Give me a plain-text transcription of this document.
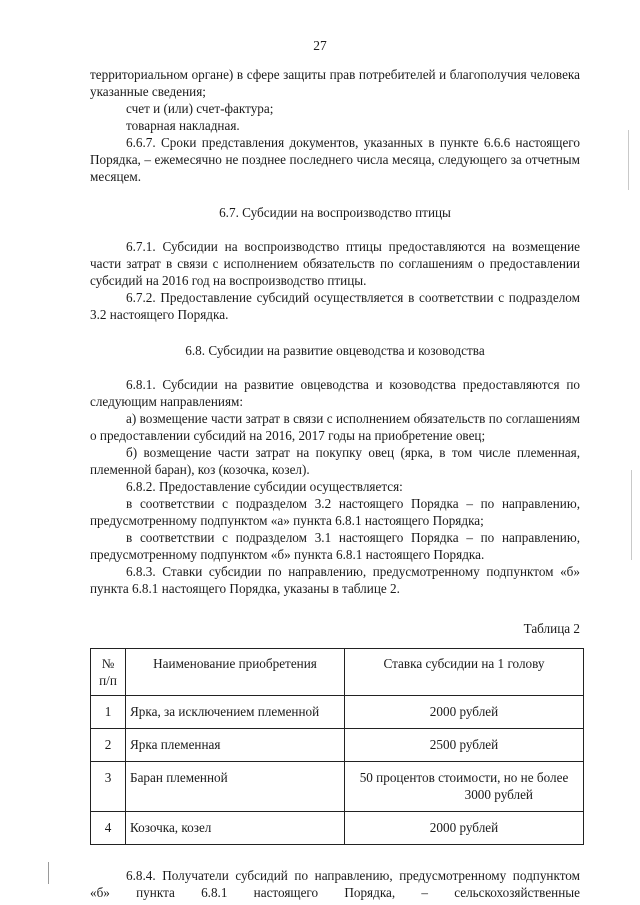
27

территориальном органе) в сфере защиты прав потребителей и благополучия человека указанные сведения;

счет и (или) счет-фактура;

товарная накладная.

6.6.7. Сроки представления документов, указанных в пункте 6.6.6 настоящего Порядка, – ежемесячно не позднее последнего числа месяца, следующего за отчетным месяцем.

6.7. Субсидии на воспроизводство птицы

6.7.1. Субсидии на воспроизводство птицы предоставляются на возмещение части затрат в связи с исполнением обязательств по соглашениям о предоставлении субсидий на 2016 год на воспроизводство птицы.

6.7.2. Предоставление субсидий осуществляется в соответствии с подразделом 3.2 настоящего Порядка.

6.8. Субсидии на развитие овцеводства и козоводства

6.8.1. Субсидии на развитие овцеводства и козоводства предоставляются по следующим направлениям:

а) возмещение части затрат в связи с исполнением обязательств по соглашениям о предоставлении субсидий на 2016, 2017 годы на приобретение овец;

б) возмещение части затрат на покупку овец (ярка, в том числе племенная, племенной баран), коз (козочка, козел).

6.8.2. Предоставление субсидии осуществляется:

в соответствии с подразделом 3.2 настоящего Порядка – по направлению, предусмотренному подпунктом «а» пункта 6.8.1 настоящего Порядка;

в соответствии с подразделом 3.1 настоящего Порядка – по направлению, предусмотренному подпунктом «б» пункта 6.8.1 настоящего Порядка.

6.8.3. Ставки субсидии по направлению, предусмотренному подпунктом «б» пункта 6.8.1 настоящего Порядка, указаны в таблице 2.

Таблица 2

№ п/п	Наименование приобретения	Ставка субсидии на 1 голову
1	Ярка, за исключением племенной	2000 рублей
2	Ярка племенная	2500 рублей
3	Баран племенной	50 процентов стоимости, но не более
3000 рублей

4	Козочка, козел	2000 рублей

6.8.4. Получатели субсидий по направлению, предусмотренному подпунктом

«б» пункта 6.8.1 настоящего Порядка, – сельскохозяйственные
